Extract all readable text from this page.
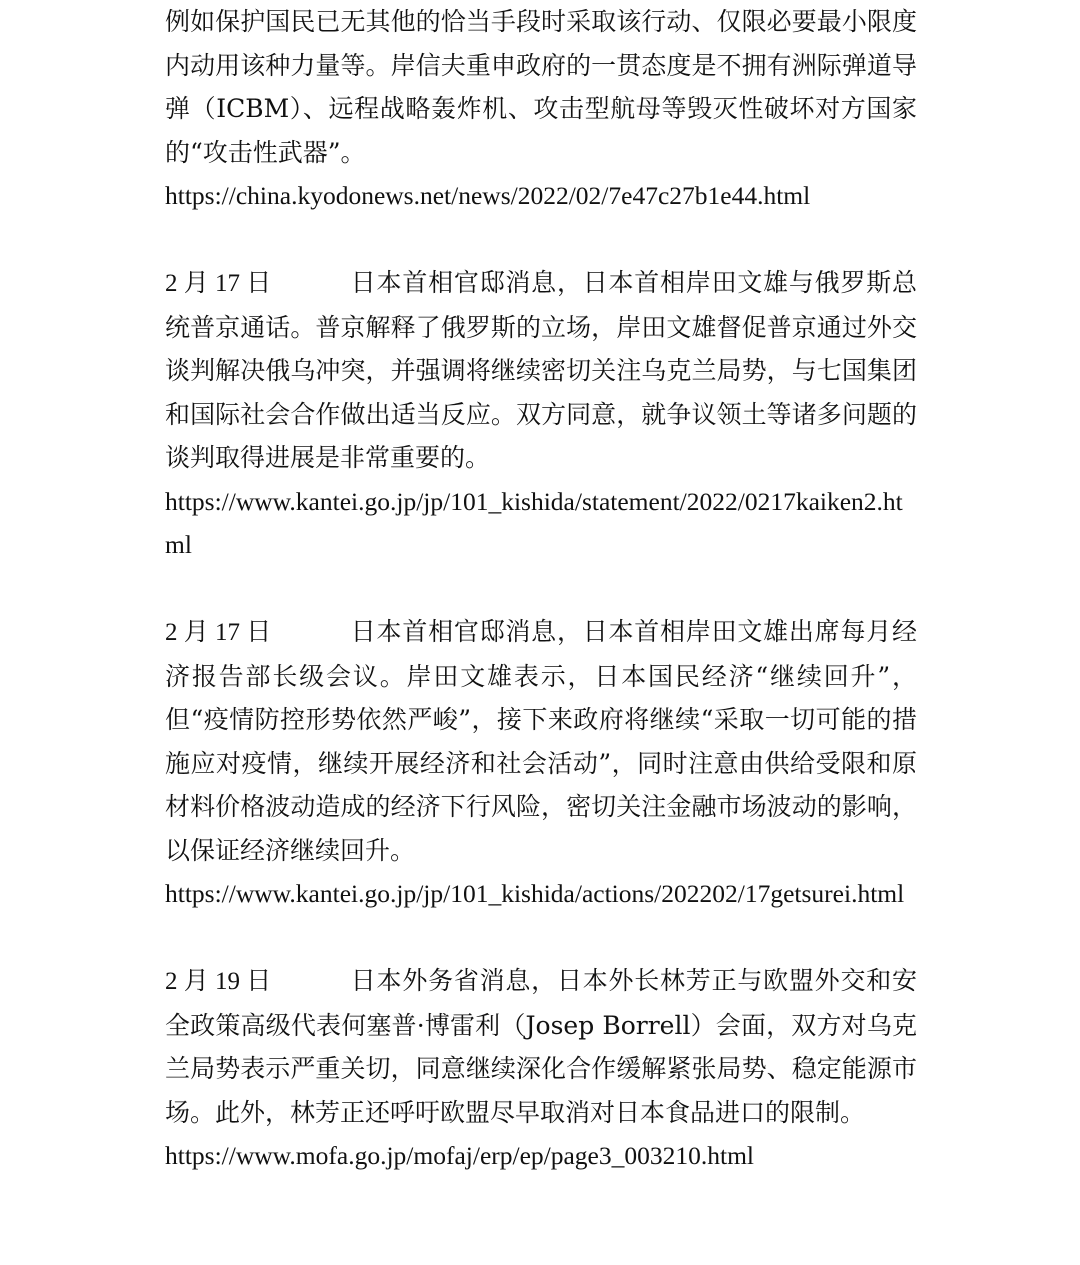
例如保护国民已无其他的恰当手段时采取该行动、仅限必要最小限度内动用该种力量等。岸信夫重申政府的一贯态度是不拥有洲际弹道导弹（ICBM）、远程战略轰炸机、攻击型航母等毁灭性破坏对方国家的“攻击性武器”。

https://china.kyodonews.net/news/2022/02/7e47c27b1e44.html

2 月 17 日	日本首相官邸消息，日本首相岸田文雄与俄罗斯总统普京通话。普京解释了俄罗斯的立场，岸田文雄督促普京通过外交谈判解决俄乌冲突，并强调将继续密切关注乌克兰局势，与七国集团和国际社会合作做出适当反应。双方同意，就争议领土等诸多问题的谈判取得进展是非常重要的。

https://www.kantei.go.jp/jp/101_kishida/statement/2022/0217kaiken2.html

2 月 17 日	日本首相官邸消息，日本首相岸田文雄出席每月经济报告部长级会议。岸田文雄表示，日本国民经济“继续回升”，但“疫情防控形势依然严峻”，接下来政府将继续“采取一切可能的措施应对疫情，继续开展经济和社会活动”，同时注意由供给受限和原材料价格波动造成的经济下行风险，密切关注金融市场波动的影响，以保证经济继续回升。

https://www.kantei.go.jp/jp/101_kishida/actions/202202/17getsurei.html

2 月 19 日	日本外务省消息，日本外长林芳正与欧盟外交和安全政策高级代表何塞普·博雷利（Josep Borrell）会面，双方对乌克兰局势表示严重关切，同意继续深化合作缓解紧张局势、稳定能源市场。此外，林芳正还呼吁欧盟尽早取消对日本食品进口的限制。

https://www.mofa.go.jp/mofaj/erp/ep/page3_003210.html
